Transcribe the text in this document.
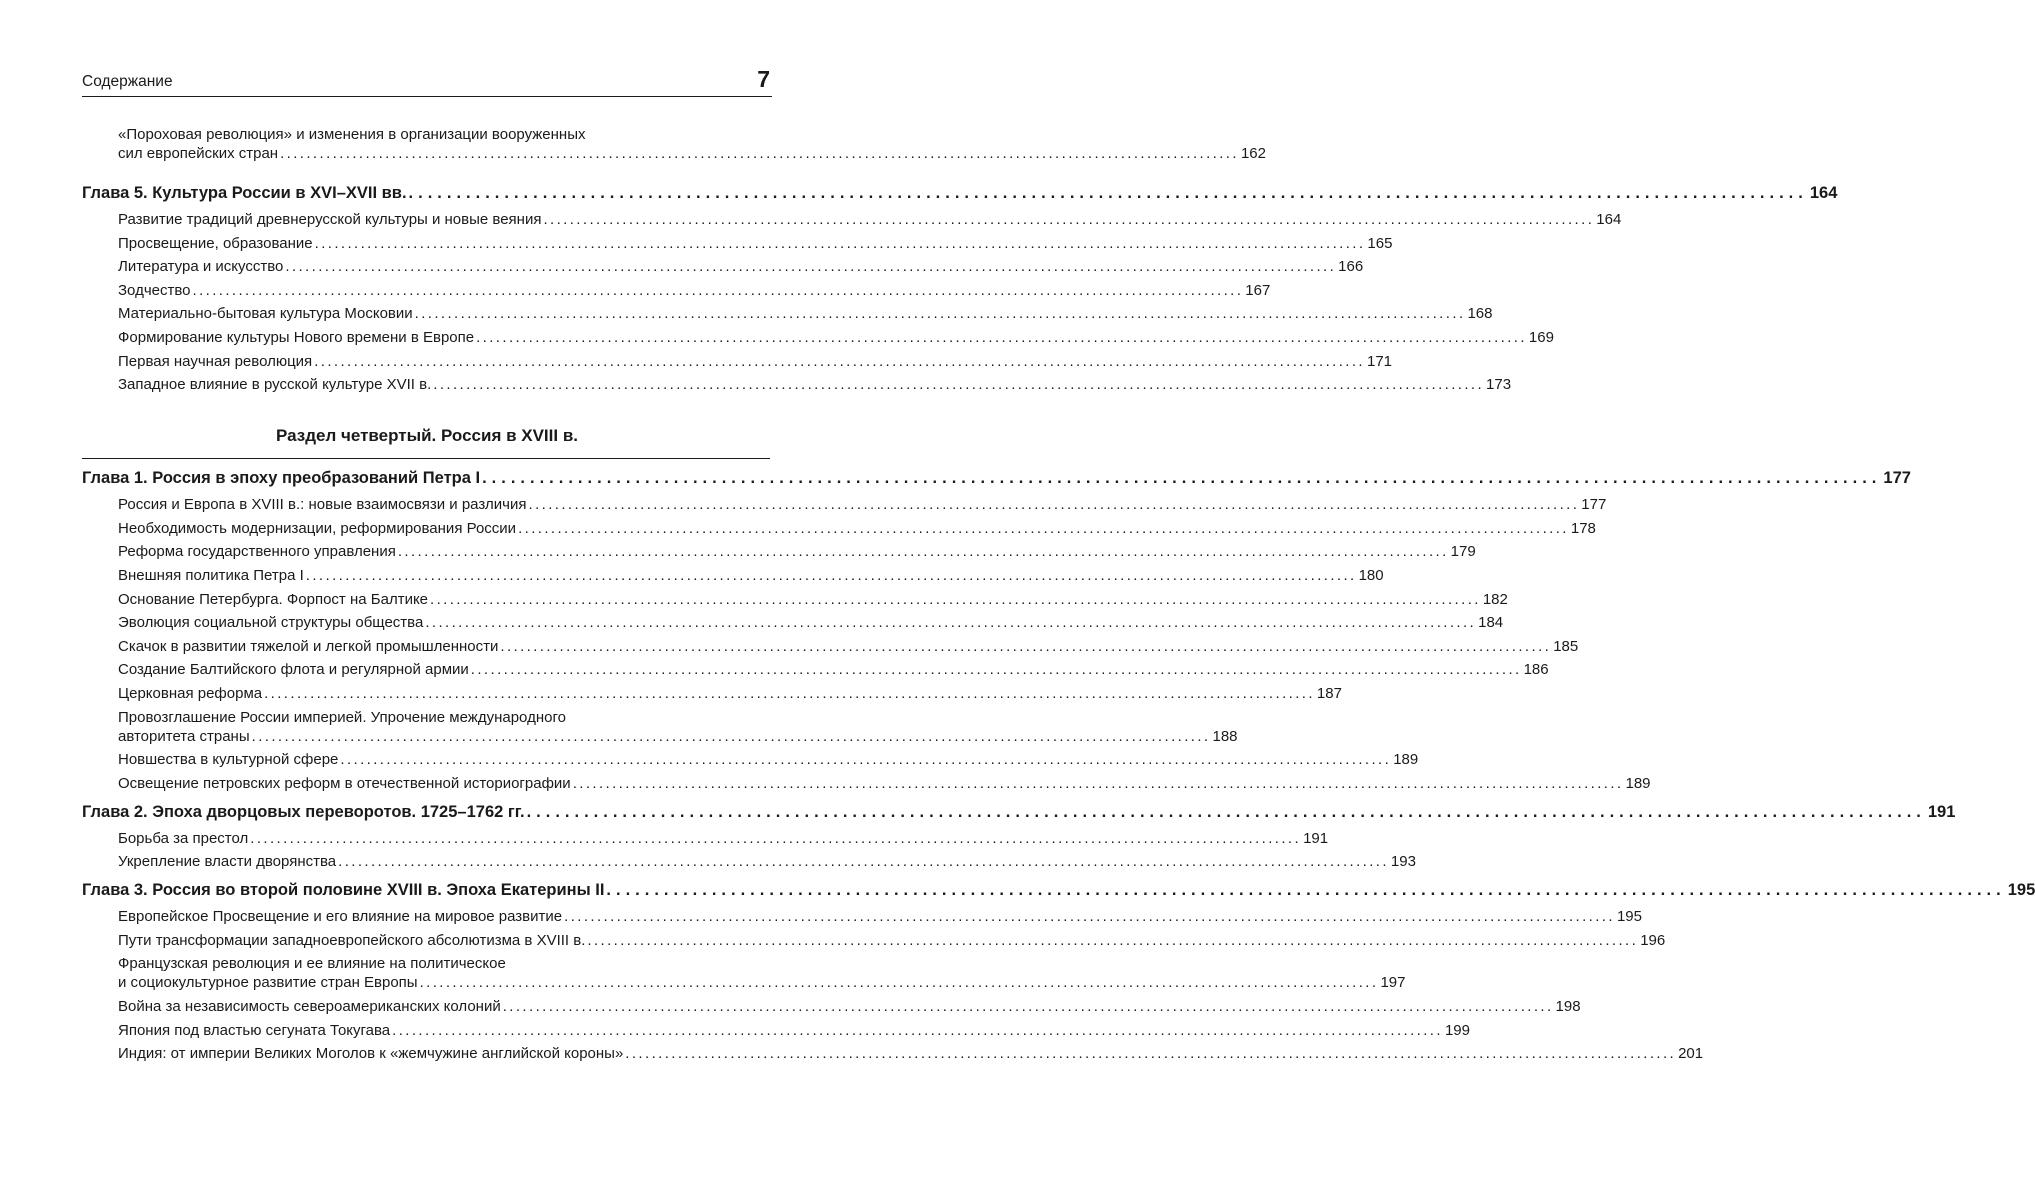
Содержание	7
«Пороховая революция» и изменения в организации вооруженных
сил европейских стран .................................................................................................................................................. 162
Глава 5. Культура России в XVI–XVII вв. .................................................................................................................................................. 164
Развитие традиций древнерусской культуры и новые веяния ................................................................................................................................................................ 164
Просвещение, образование ................................................................................................................................................................ 165
Литература и искусство ................................................................................................................................................................ 166
Зодчество ................................................................................................................................................................ 167
Материально-бытовая культура Московии ................................................................................................................................................................ 168
Формирование культуры Нового времени в Европе ................................................................................................................................................................ 169
Первая научная революция ................................................................................................................................................................ 171
Западное влияние в русской культуре XVII в. ................................................................................................................................................................ 173
Раздел четвертый. Россия в XVIII в.
Глава 1. Россия в эпоху преобразований Петра I .................................................................................................................................................. 177
Россия и Европа в XVIII в.: новые взаимосвязи и различия ................................................................................................................................................................ 177
Необходимость модернизации, реформирования России ................................................................................................................................................................ 178
Реформа государственного управления ................................................................................................................................................................ 179
Внешняя политика Петра I ................................................................................................................................................................ 180
Основание Петербурга. Форпост на Балтике ................................................................................................................................................................ 182
Эволюция социальной структуры общества ................................................................................................................................................................ 184
Скачок в развитии тяжелой и легкой промышленности ................................................................................................................................................................ 185
Создание Балтийского флота и регулярной армии ................................................................................................................................................................ 186
Церковная реформа ................................................................................................................................................................ 187
Провозглашение России империей. Упрочение международного
авторитета страны .................................................................................................................................................. 188
Новшества в культурной сфере ................................................................................................................................................................ 189
Освещение петровских реформ в отечественной историографии ................................................................................................................................................................ 189
Глава 2. Эпоха дворцовых переворотов. 1725–1762 гг. .................................................................................................................................................. 191
Борьба за престол ................................................................................................................................................................ 191
Укрепление власти дворянства ................................................................................................................................................................ 193
Глава 3. Россия во второй половине XVIII в. Эпоха Екатерины II .................................................................................................................................................. 195
Европейское Просвещение и его влияние на мировое развитие ................................................................................................................................................................ 195
Пути трансформации западноевропейского абсолютизма в XVIII в. ................................................................................................................................................................ 196
Французская революция и ее влияние на политическое
и социокультурное развитие стран Европы .................................................................................................................................................. 197
Война за независимость североамериканских колоний ................................................................................................................................................................ 198
Япония под властью сегуната Токугава ................................................................................................................................................................ 199
Индия: от империи Великих Моголов к «жемчужине английской короны» ................................................................................................................................................................ 201
